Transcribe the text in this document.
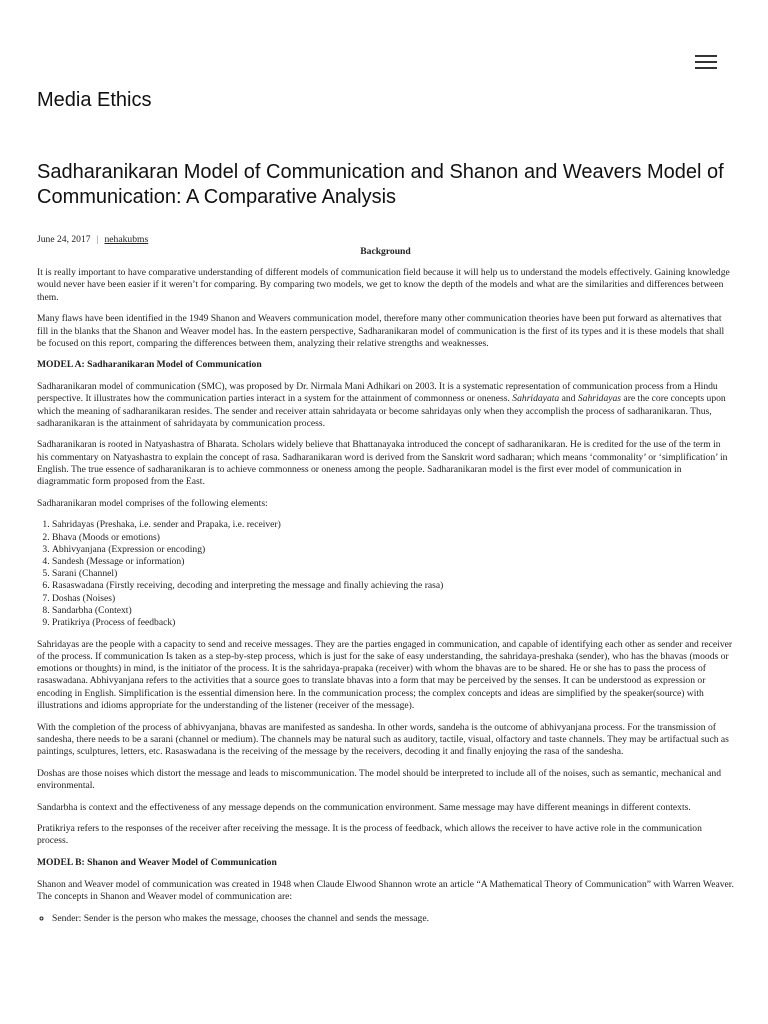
Media Ethics
Sadharanikaran Model of Communication and Shanon and Weavers Model of Communication: A Comparative Analysis
June 24, 2017 | nehakubms

Background

It is really important to have comparative understanding of different models of communication field because it will help us to understand the models effectively. Gaining knowledge would never have been easier if it weren’t for comparing. By comparing two models, we get to know the depth of the models and what are the similarities and differences between them.

Many flaws have been identified in the 1949 Shanon and Weavers communication model, therefore many other communication theories have been put forward as alternatives that fill in the blanks that the Shanon and Weaver model has. In the eastern perspective, Sadharanikaran model of communication is the first of its types and it is these models that shall be focused on this report, comparing the differences between them, analyzing their relative strengths and weaknesses.

MODEL A: Sadharanikaran Model of Communication

Sadharanikaran model of communication (SMC), was proposed by Dr. Nirmala Mani Adhikari on 2003. It is a systematic representation of communication process from a Hindu perspective. It illustrates how the communication parties interact in a system for the attainment of commonness or oneness. Sahridayata and Sahridayas are the core concepts upon which the meaning of sadharanikaran resides. The sender and receiver attain sahridayata or become sahridayas only when they accomplish the process of sadharanikaran. Thus, sadharanikaran is the attainment of sahridayata by communication process.

Sadharanikaran is rooted in Natyashastra of Bharata. Scholars widely believe that Bhattanayaka introduced the concept of sadharanikaran. He is credited for the use of the term in his commentary on Natyashastra to explain the concept of rasa. Sadharanikaran word is derived from the Sanskrit word sadharan; which means ‘commonality’ or ‘simplification’ in English. The true essence of sadharanikaran is to achieve commonness or oneness among the people. Sadharanikaran model is the first ever model of communication in diagrammatic form proposed from the East.

Sadharanikaran model comprises of the following elements:

1. Sahridayas (Preshaka, i.e. sender and Prapaka, i.e. receiver)
2. Bhava (Moods or emotions)
3. Abhivyanjana (Expression or encoding)
4. Sandesh (Message or information)
5. Sarani (Channel)
6. Rasaswadana (Firstly receiving, decoding and interpreting the message and finally achieving the rasa)
7. Doshas (Noises)
8. Sandarbha (Context)
9. Pratikriya (Process of feedback)

Sahridayas are the people with a capacity to send and receive messages. They are the parties engaged in communication, and capable of identifying each other as sender and receiver of the process. If communication Is taken as a step-by-step process, which is just for the sake of easy understanding, the sahridaya-preshaka (sender), who has the bhavas (moods or emotions or thoughts) in mind, is the initiator of the process. It is the sahridaya-prapaka (receiver) with whom the bhavas are to be shared. He or she has to pass the process of rasaswadana. Abhivyanjana refers to the activities that a source goes to translate bhavas into a form that may be perceived by the senses. It can be understood as expression or encoding in English. Simplification is the essential dimension here. In the communication process; the complex concepts and ideas are simplified by the speaker(source) with illustrations and idioms appropriate for the understanding of the listener (receiver of the message).

With the completion of the process of abhivyanjana, bhavas are manifested as sandesha. In other words, sandeha is the outcome of abhivyanjana process. For the transmission of sandesha, there needs to be a sarani (channel or medium). The channels may be natural such as auditory, tactile, visual, olfactory and taste channels. They may be artifactual such as paintings, sculptures, letters, etc. Rasaswadana is the receiving of the message by the receivers, decoding it and finally enjoying the rasa of the sandesha.

Doshas are those noises which distort the message and leads to miscommunication. The model should be interpreted to include all of the noises, such as semantic, mechanical and environmental.

Sandarbha is context and the effectiveness of any message depends on the communication environment. Same message may have different meanings in different contexts.

Pratikriya refers to the responses of the receiver after receiving the message. It is the process of feedback, which allows the receiver to have active role in the communication process.

MODEL B: Shanon and Weaver Model of Communication

Shanon and Weaver model of communication was created in 1948 when Claude Elwood Shannon wrote an article “A Mathematical Theory of Communication” with Warren Weaver. The concepts in Shanon and Weaver model of communication are:

◦ Sender: Sender is the person who makes the message, chooses the channel and sends the message.
